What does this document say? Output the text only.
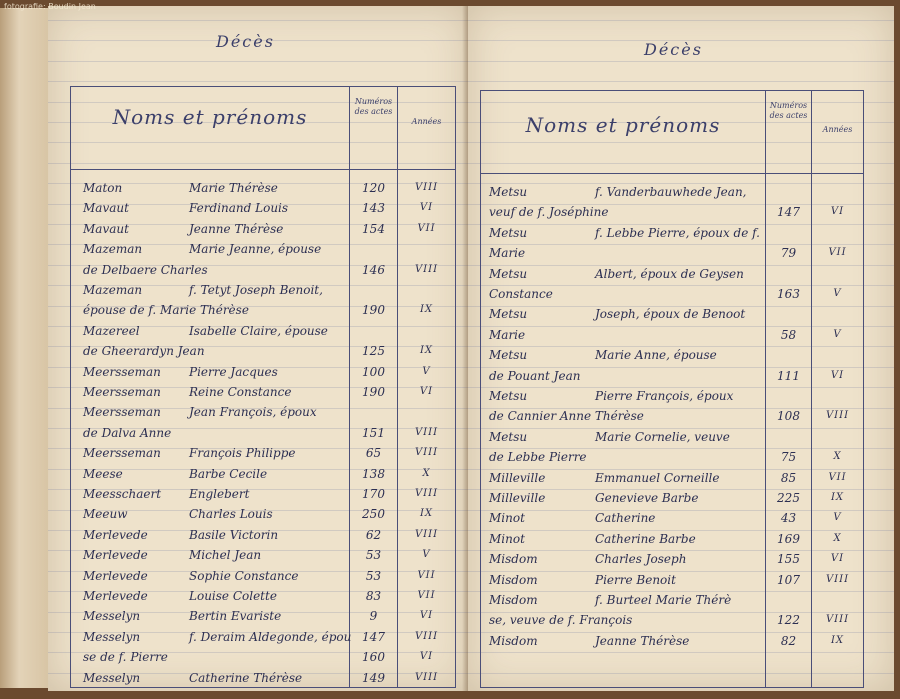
Décès
Noms et prénoms
Numéros des actes
Années
Maton	Marie Thérèse	120	VIII
Mavaut	Ferdinand Louis	143	VI
Mavaut	Jeanne Thérèse	154	VII
Mazeman	Marie Jeanne, épouse
de Delbaere Charles	146	VIII
Mazeman	f. Tetyt Joseph Benoit,
épouse de f. Marie Thérèse	190	IX
Mazereel	Isabelle Claire, épouse
de Gheerardyn Jean	125	IX
Meersseman	Pierre Jacques	100	V
Meersseman	Reine Constance	190	VI
Meersseman	Jean François, époux
de Dalva Anne	151	VIII
Meersseman	François Philippe	65	VIII
Meese	Barbe Cecile	138	X
Meesschaert	Englebert	170	VIII
Meeuw	Charles Louis	250	IX
Merlevede	Basile Victorin	62	VIII
Merlevede	Michel Jean	53	V
Merlevede	Sophie Constance	53	VII
Merlevede	Louise Colette	83	VII
Messelyn	Bertin Evariste	9	VI
Messelyn	f. Deraim Aldegonde, épou 147	VIII
se de f. Pierre	160	VI
Messelyn	Catherine Thérèse	149	VIII
Décès
Noms et prénoms
Numéros des actes
Années
Metsu	f. Vanderbauwhede Jean,
veuf de f. Joséphine	147	VI
Metsu	f. Lebbe Pierre, époux de f.
Marie	79	VII
Metsu	Albert, époux de Geysen
Constance	163	V
Metsu	Joseph, époux de Benoot
Marie	58	V
Metsu	Marie Anne, épouse
de Pouant Jean	111	VI
Metsu	Pierre François, époux
de Cannier Anne Thérèse	108	VIII
Metsu	Marie Cornelie, veuve
de Lebbe Pierre	75	X
Milleville	Emmanuel Corneille	85	VII
Milleville	Genevieve Barbe	225	IX
Minot	Catherine	43	V
Minot	Catherine Barbe	169	X
Misdom	Charles Joseph	155	VI
Misdom	Pierre Benoit	107	VIII
Misdom	f. Burteel Marie Thérè
se, veuve de f. François	122	VIII
Misdom	Jeanne Thérèse	82	IX
fotografie: Boudin Jean
